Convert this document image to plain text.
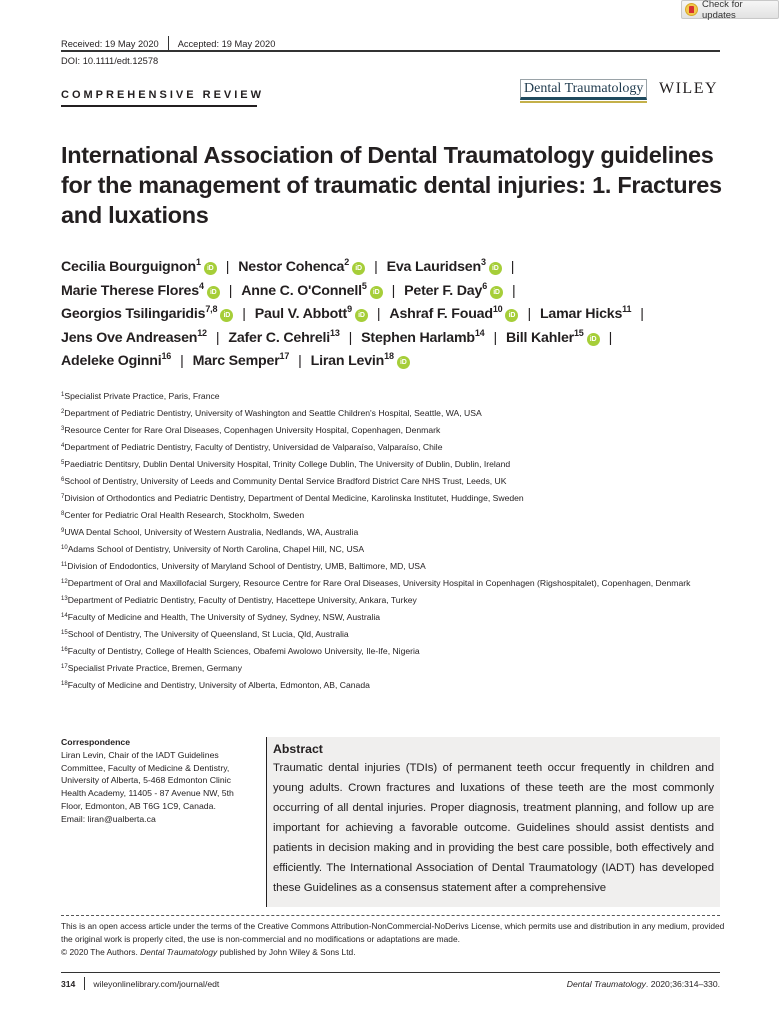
Check for updates
Received: 19 May 2020 Accepted: 19 May 2020
DOI: 10.1111/edt.12578
COMPREHENSIVE REVIEW	Dental Traumatology WILEY
International Association of Dental Traumatology guidelines for the management of traumatic dental injuries: 1. Fractures and luxations
Cecilia Bourguignon$^1$iD | Nestor Cohenca$^2$iD | Eva Lauridsen$^3$iD |
Marie Therese Flores$^4$iD | Anne C. O'Connell$^5$iD | Peter F. Day$^6$iD |
Georgios Tsilingaridis$^{7,8}$iD | Paul V. Abbott$^9$iD | Ashraf F. Fouad$^{10}$iD | Lamar Hicks$^{11}$ |
Jens Ove Andreasen$^{12}$ | Zafer C. Cehreli$^{13}$ | Stephen Harlamb$^{14}$ | Bill Kahler$^{15}$iD |
Adeleke Oginni$^{16}$ | Marc Semper$^{17}$ | Liran Levin$^{18}$iD
$^1$Specialist Private Practice, Paris, France
$^2$Department of Pediatric Dentistry, University of Washington and Seattle Children's Hospital, Seattle, WA, USA
$^3$Resource Center for Rare Oral Diseases, Copenhagen University Hospital, Copenhagen, Denmark
$^4$Department of Pediatric Dentistry, Faculty of Dentistry, Universidad de Valparaíso, Valparaíso, Chile
$^5$Paediatric Dentitsry, Dublin Dental University Hospital, Trinity College Dublin, The University of Dublin, Dublin, Ireland
$^6$School of Dentistry, University of Leeds and Community Dental Service Bradford District Care NHS Trust, Leeds, UK
$^7$Division of Orthodontics and Pediatric Dentistry, Department of Dental Medicine, Karolinska Institutet, Huddinge, Sweden
$^8$Center for Pediatric Oral Health Research, Stockholm, Sweden
$^9$UWA Dental School, University of Western Australia, Nedlands, WA, Australia
$^{10}$Adams School of Dentistry, University of North Carolina, Chapel Hill, NC, USA
$^{11}$Division of Endodontics, University of Maryland School of Dentistry, UMB, Baltimore, MD, USA
$^{12}$Department of Oral and Maxillofacial Surgery, Resource Centre for Rare Oral Diseases, University Hospital in Copenhagen (Rigshospitalet), Copenhagen, Denmark
$^{13}$Department of Pediatric Dentistry, Faculty of Dentistry, Hacettepe University, Ankara, Turkey
$^{14}$Faculty of Medicine and Health, The University of Sydney, Sydney, NSW, Australia
$^{15}$School of Dentistry, The University of Queensland, St Lucia, Qld, Australia
$^{16}$Faculty of Dentistry, College of Health Sciences, Obafemi Awolowo University, Ile-Ife, Nigeria
$^{17}$Specialist Private Practice, Bremen, Germany
$^{18}$Faculty of Medicine and Dentistry, University of Alberta, Edmonton, AB, Canada
Correspondence
Liran Levin, Chair of the IADT Guidelines Committee, Faculty of Medicine & Dentistry, University of Alberta, 5-468 Edmonton Clinic Health Academy, 11405 - 87 Avenue NW, 5th Floor, Edmonton, AB T6G 1C9, Canada.
Email: liran@ualberta.ca
Abstract
Traumatic dental injuries (TDIs) of permanent teeth occur frequently in children and young adults. Crown fractures and luxations of these teeth are the most commonly occurring of all dental injuries. Proper diagnosis, treatment planning, and follow up are important for achieving a favorable outcome. Guidelines should assist dentists and patients in decision making and in providing the best care possible, both effectively and efficiently. The International Association of Dental Traumatology (IADT) has developed these Guidelines as a consensus statement after a comprehensive
This is an open access article under the terms of the Creative Commons Attribution-NonCommercial-NoDerivs License, which permits use and distribution in any medium, provided the original work is properly cited, the use is non-commercial and no modifications or adaptations are made.
© 2020 The Authors. Dental Traumatology published by John Wiley & Sons Ltd.
314 wileyonlinelibrary.com/journal/edt	Dental Traumatology. 2020;36:314–330.
